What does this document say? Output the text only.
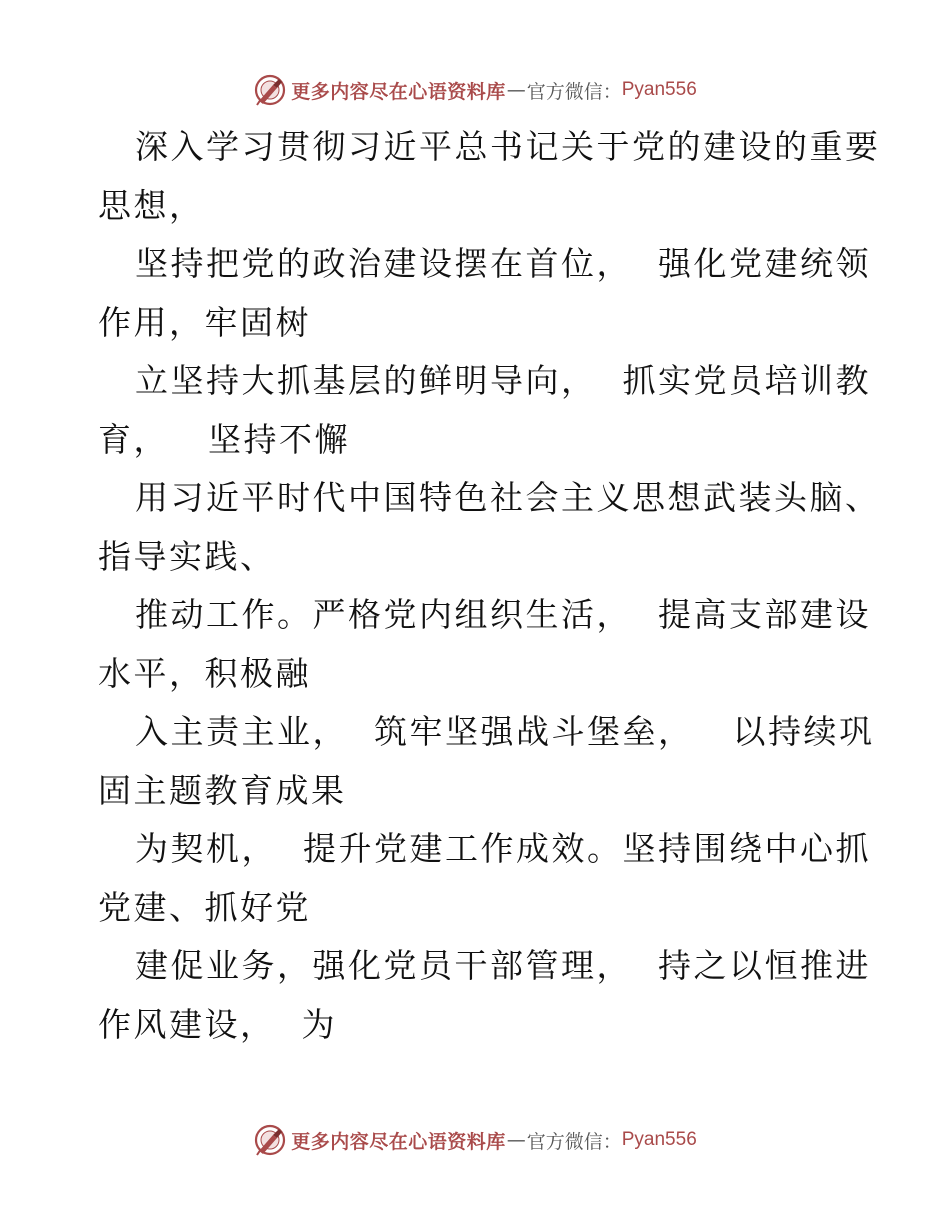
更多内容尽在心语资料库 — 官方微信： Pyan556
深入学习贯彻习近平总书记关于党的建设的重要
思想，
坚持把党的政治建设摆在首位，  强化党建统领
作用，牢固树
立坚持大抓基层的鲜明导向，  抓实党员培训教
育，   坚持不懈
用习近平时代中国特色社会主义思想武装头脑、
指导实践、
推动工作。严格党内组织生活，  提高支部建设
水平，积极融
入主责主业，  筑牢坚强战斗堡垒，   以持续巩
固主题教育成果
为契机，  提升党建工作成效。坚持围绕中心抓
党建、抓好党
建促业务，强化党员干部管理，  持之以恒推进
作风建设，  为
更多内容尽在心语资料库 — 官方微信： Pyan556
